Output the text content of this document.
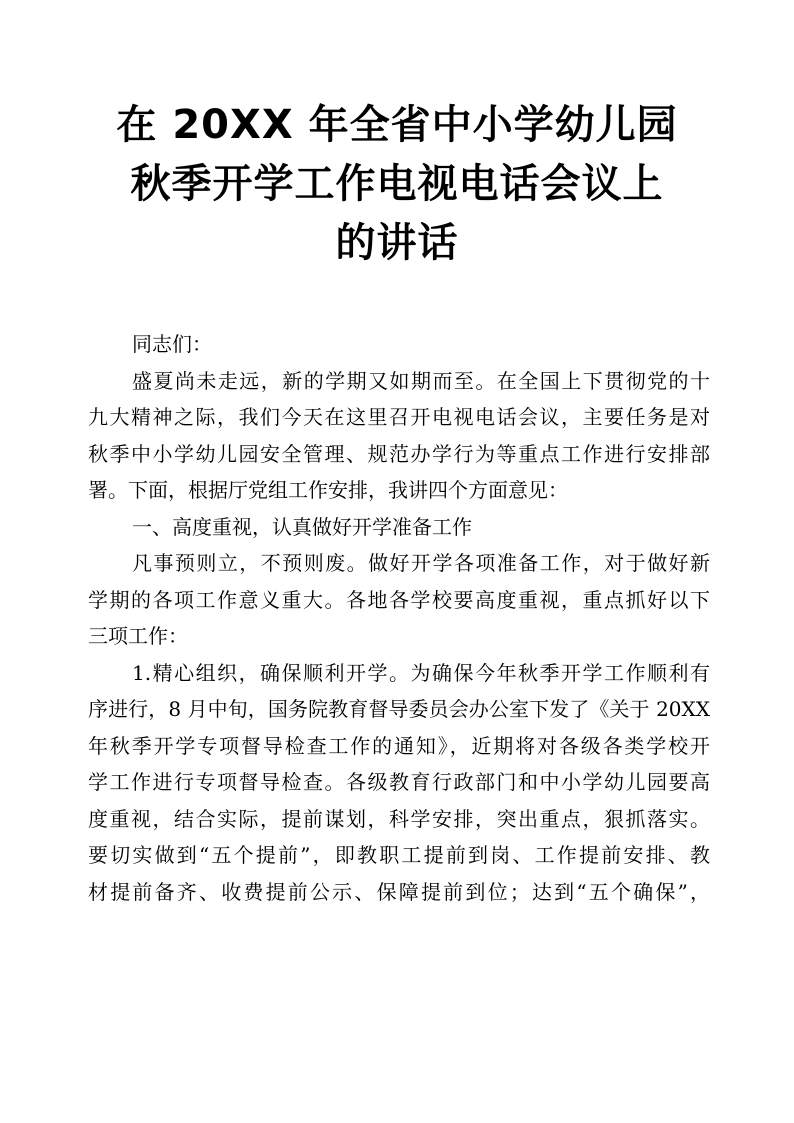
在 20XX 年全省中小学幼儿园
秋季开学工作电视电话会议上
的讲话
同志们：
盛夏尚未走远，新的学期又如期而至。在全国上下贯彻党的十
九大精神之际，我们今天在这里召开电视电话会议，主要任务是对
秋季中小学幼儿园安全管理、规范办学行为等重点工作进行安排部
署。下面，根据厅党组工作安排，我讲四个方面意见：
一、高度重视，认真做好开学准备工作
凡事预则立，不预则废。做好开学各项准备工作，对于做好新
学期的各项工作意义重大。各地各学校要高度重视，重点抓好以下
三项工作：
1.精心组织，确保顺利开学。为确保今年秋季开学工作顺利有
序进行，8 月中旬，国务院教育督导委员会办公室下发了《关于 20XX
年秋季开学专项督导检查工作的通知》，近期将对各级各类学校开
学工作进行专项督导检查。各级教育行政部门和中小学幼儿园要高
度重视，结合实际，提前谋划，科学安排，突出重点，狠抓落实。
要切实做到“五个提前”，即教职工提前到岗、工作提前安排、教
材提前备齐、收费提前公示、保障提前到位；达到“五个确保”，
